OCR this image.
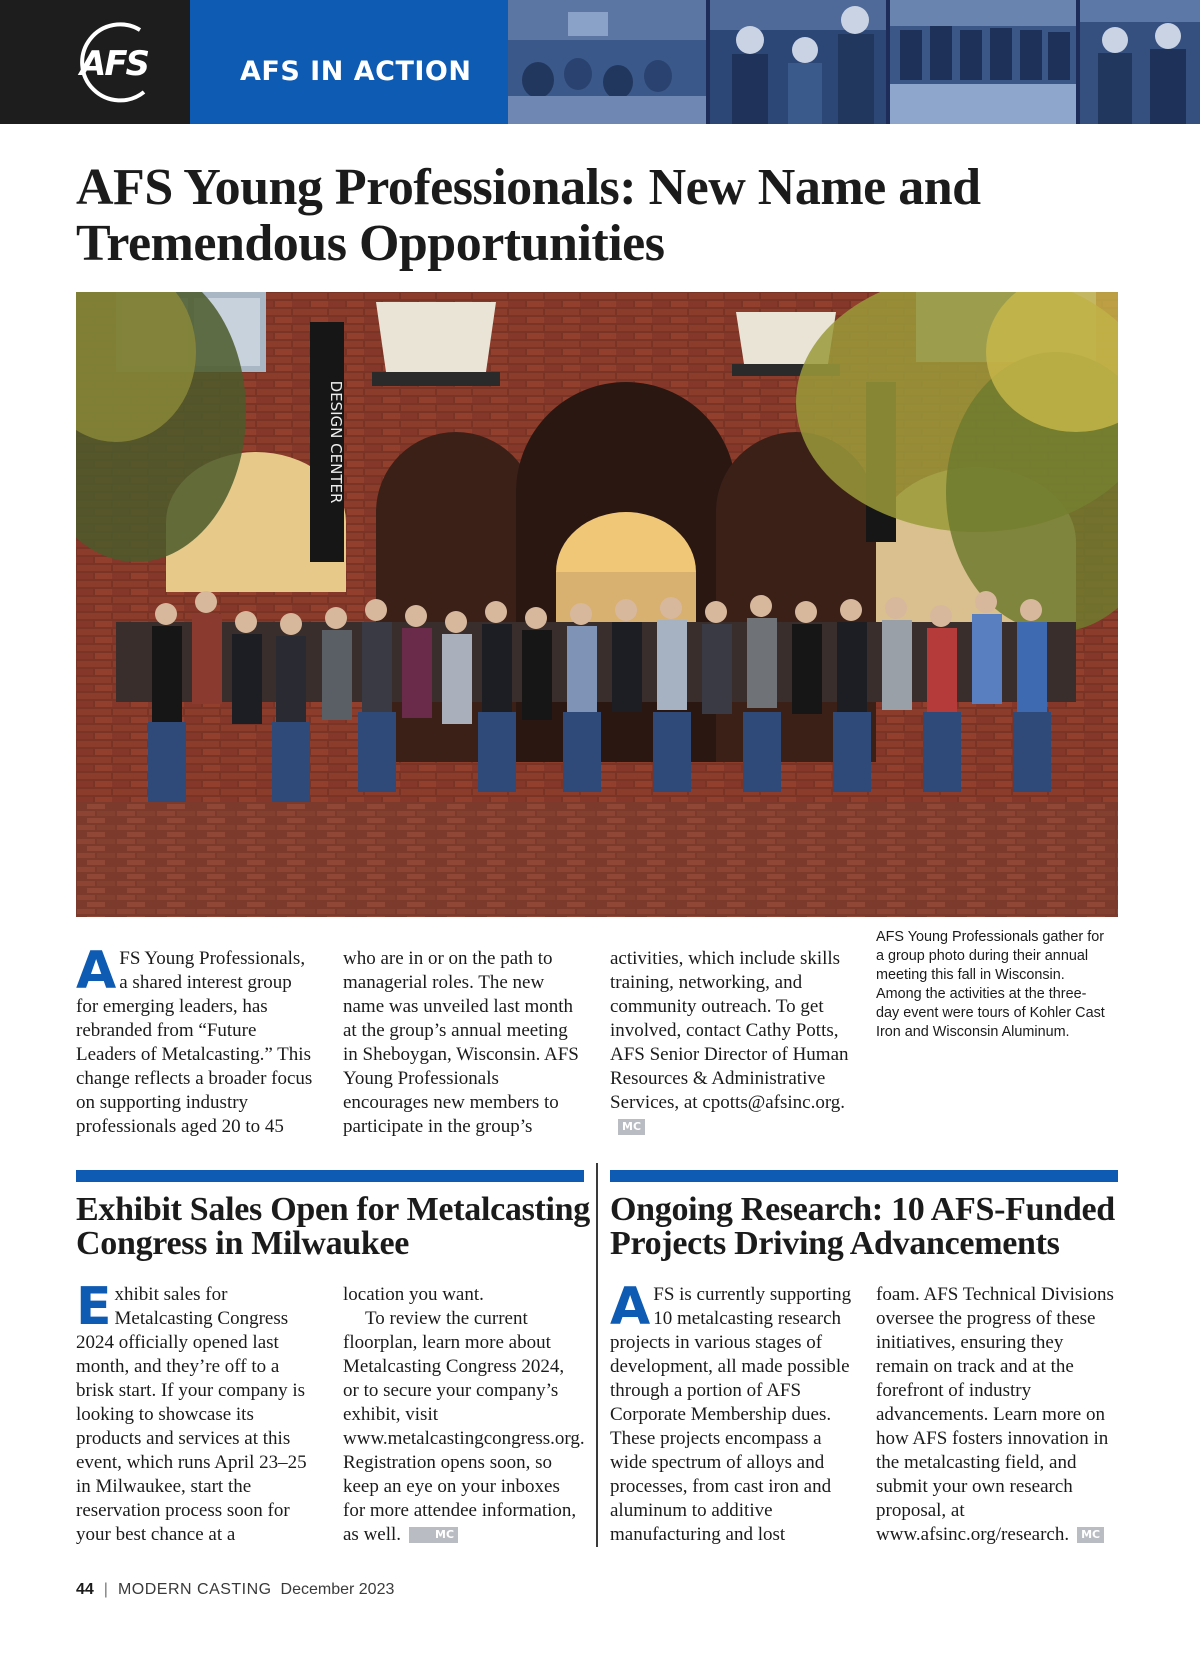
AFS	AFS IN ACTION
AFS Young Professionals: New Name and Tremendous Opportunities
DESIGN CENTER

AFS Young Professionals, a shared interest group for emerging leaders, has rebranded from “Future Leaders of Metalcasting.” This change reflects a broader focus on supporting industry professionals aged 20 to 45

who are in or on the path to managerial roles. The new name was unveiled last month at the group’s annual meeting in Sheboygan, Wisconsin. AFS Young Professionals encourages new members to participate in the group’s

activities, which include skills training, networking, and community outreach. To get involved, contact Cathy Potts, AFS Senior Director of Human Resources & Administrative Services, at cpotts@afsinc.org.MC

AFS Young Professionals gather for a group photo during their annual meeting this fall in Wisconsin. Among the activities at the three-day event were tours of Kohler Cast Iron and Wisconsin Aluminum.

Exhibit Sales Open for Metalcasting Congress in Milwaukee
Ongoing Research: 10 AFS-Funded Projects Driving Advancements

Exhibit sales for Metalcasting Congress 2024 officially opened last month, and they’re off to a brisk start. If your company is looking to showcase its products and services at this event, which runs April 23–25 in Milwaukee, start the reservation process soon for your best chance at a

location you want.

To review the current floorplan, learn more about Metalcasting Congress 2024, or to secure your company’s exhibit, visit www.metalcastingcongress.org. Registration opens soon, so keep an eye on your inboxes for more attendee information, as well.	MC

AFS is currently supporting 10 metalcasting research projects in various stages of development, all made possible through a portion of AFS Corporate Membership dues. These projects encompass a wide spectrum of alloys and processes, from cast iron and aluminum to additive manufacturing and lost

foam. AFS Technical Divisions oversee the progress of these initiatives, ensuring they remain on track and at the forefront of industry advancements. Learn more on how AFS fosters innovation in the metalcasting field, and submit your own research proposal, at www.afsinc.org/research. MC

44 | MODERN CASTING December 2023
